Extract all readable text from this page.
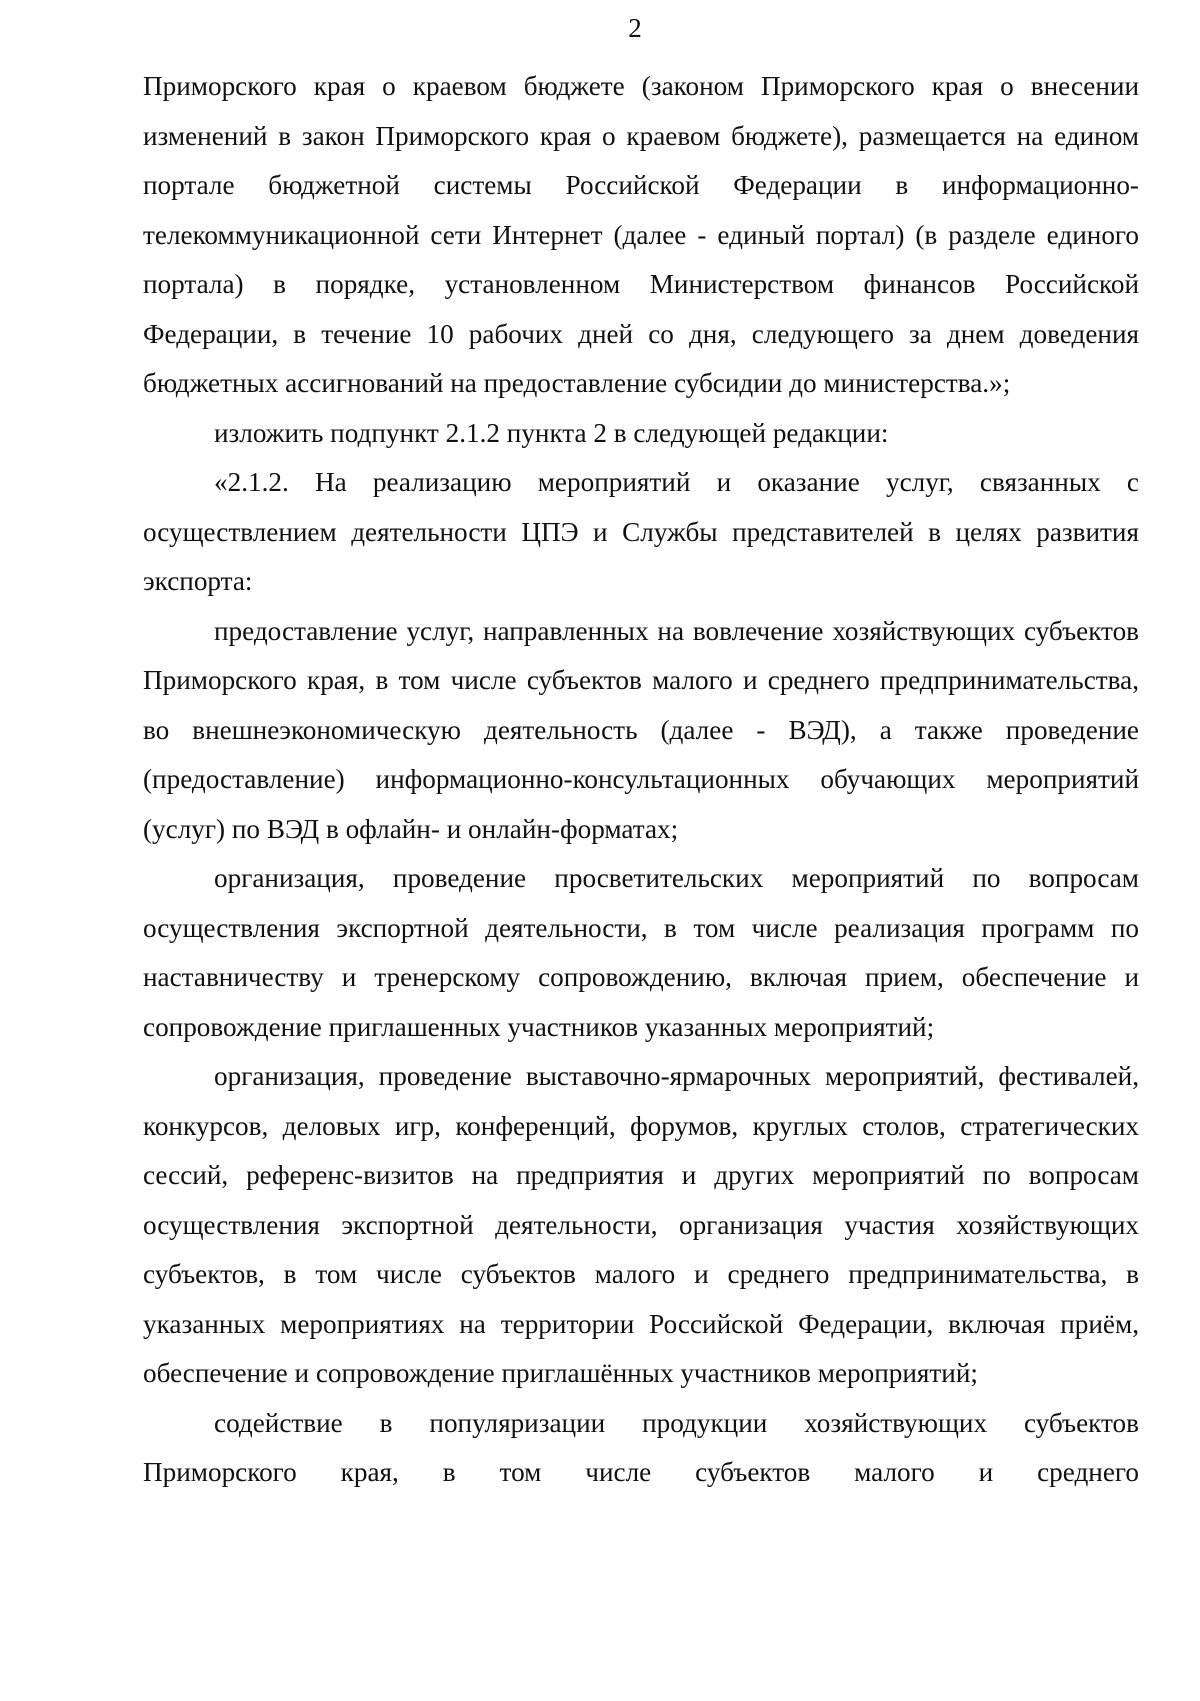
2

Приморского края о краевом бюджете (законом Приморского края о внесении изменений в закон Приморского края о краевом бюджете), размещается на едином портале бюджетной системы Российской Федерации в информационно-телекоммуникационной сети Интернет (далее - единый портал) (в разделе единого портала) в порядке, установленном Министерством финансов Российской Федерации, в течение 10 рабочих дней со дня, следующего за днем доведения бюджетных ассигнований на предоставление субсидии до министерства.»;

изложить подпункт 2.1.2 пункта 2 в следующей редакции:

«2.1.2. На реализацию мероприятий и оказание услуг, связанных с осуществлением деятельности ЦПЭ и Службы представителей в целях развития экспорта:

предоставление услуг, направленных на вовлечение хозяйствующих субъектов Приморского края, в том числе субъектов малого и среднего предпринимательства, во внешнеэкономическую деятельность (далее - ВЭД), а также проведение (предоставление) информационно-консультационных обучающих мероприятий (услуг) по ВЭД в офлайн- и онлайн-форматах;

организация, проведение просветительских мероприятий по вопросам осуществления экспортной деятельности, в том числе реализация программ по наставничеству и тренерскому сопровождению, включая прием, обеспечение и сопровождение приглашенных участников указанных мероприятий;

организация, проведение выставочно-ярмарочных мероприятий, фестивалей, конкурсов, деловых игр, конференций, форумов, круглых столов, стратегических сессий, референс-визитов на предприятия и других мероприятий по вопросам осуществления экспортной деятельности, организация участия хозяйствующих субъектов, в том числе субъектов малого и среднего предпринимательства, в указанных мероприятиях на территории Российской Федерации, включая приём, обеспечение и сопровождение приглашённых участников мероприятий;

содействие в популяризации продукции хозяйствующих субъектов Приморского края, в том числе субъектов малого и среднего
